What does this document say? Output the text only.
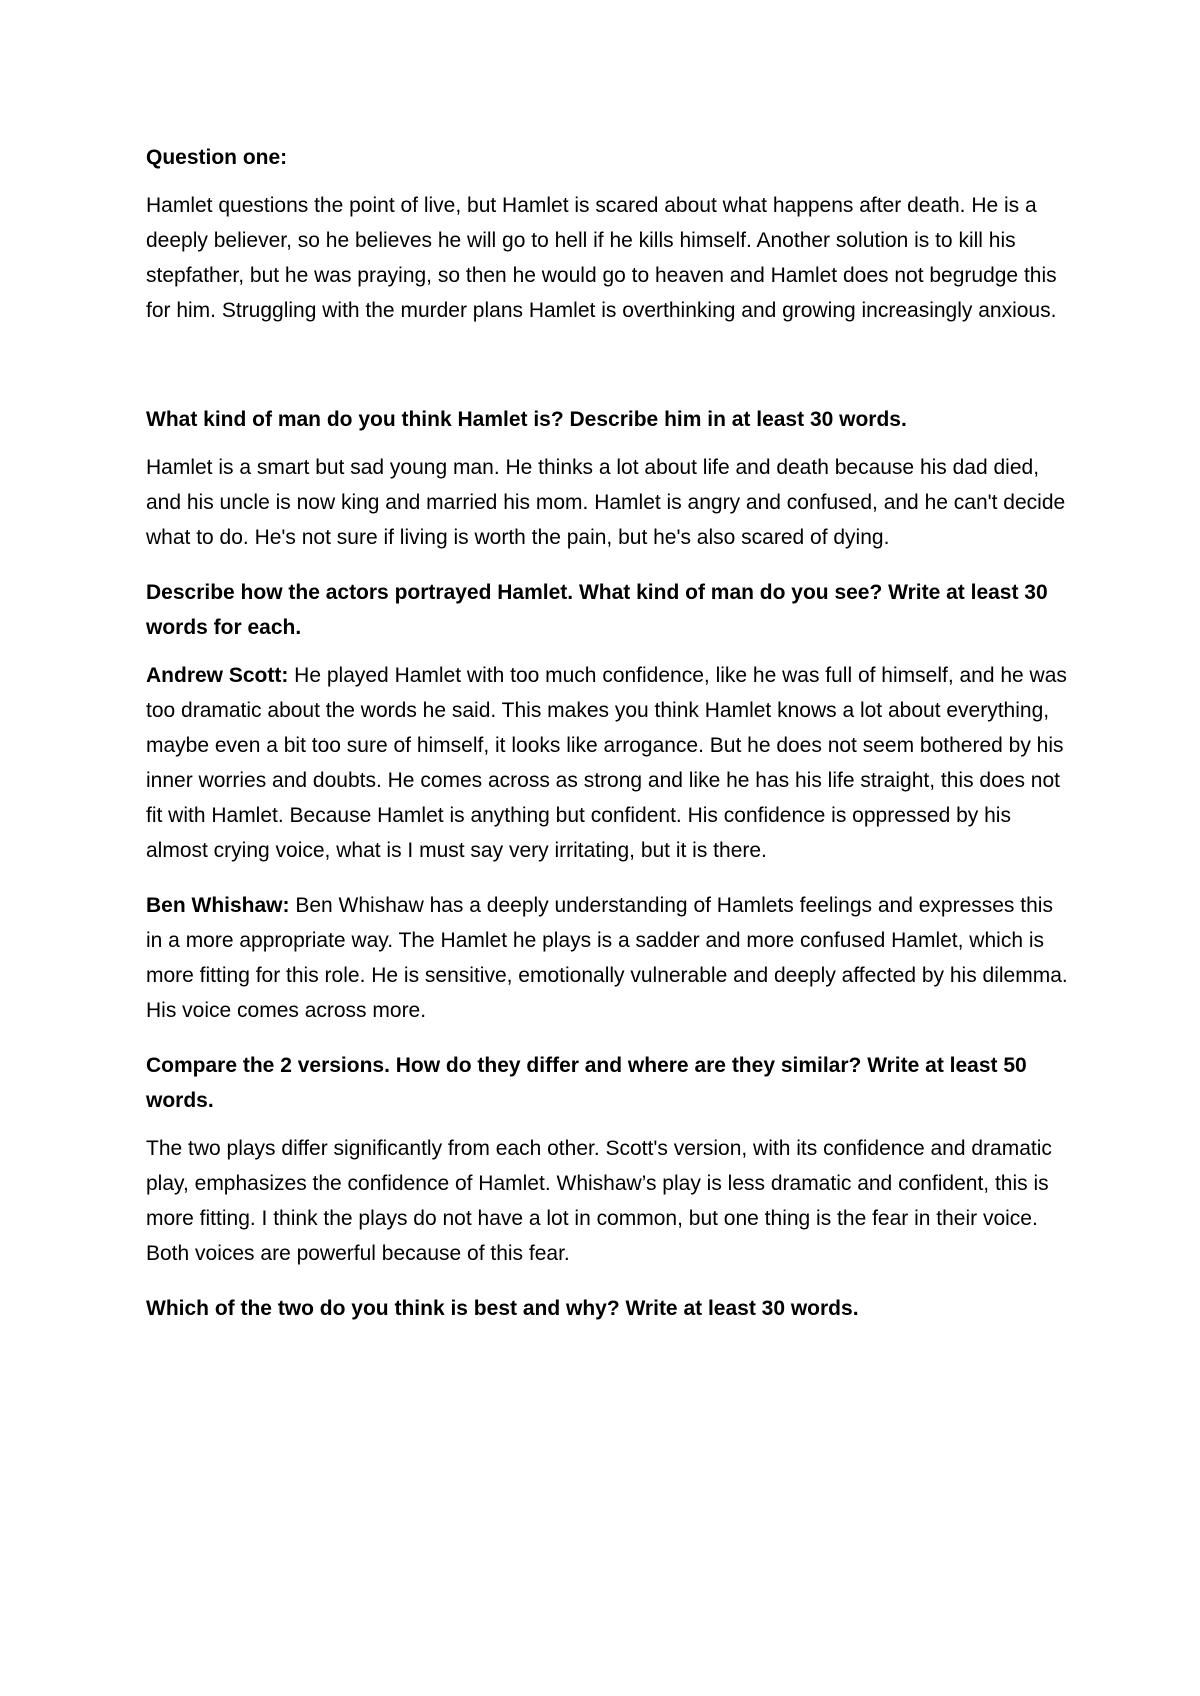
Question one:

Hamlet questions the point of live, but Hamlet is scared about what happens after death. He is a deeply believer, so he believes he will go to hell if he kills himself. Another solution is to kill his stepfather, but he was praying, so then he would go to heaven and Hamlet does not begrudge this for him. Struggling with the murder plans Hamlet is overthinking and growing increasingly anxious.

What kind of man do you think Hamlet is? Describe him in at least 30 words.

Hamlet is a smart but sad young man. He thinks a lot about life and death because his dad died, and his uncle is now king and married his mom. Hamlet is angry and confused, and he can't decide what to do. He's not sure if living is worth the pain, but he's also scared of dying.

Describe how the actors portrayed Hamlet. What kind of man do you see? Write at least 30 words for each.

Andrew Scott: He played Hamlet with too much confidence, like he was full of himself, and he was too dramatic about the words he said. This makes you think Hamlet knows a lot about everything, maybe even a bit too sure of himself, it looks like arrogance. But he does not seem bothered by his inner worries and doubts. He comes across as strong and like he has his life straight, this does not fit with Hamlet. Because Hamlet is anything but confident. His confidence is oppressed by his almost crying voice, what is I must say very irritating, but it is there.

Ben Whishaw: Ben Whishaw has a deeply understanding of Hamlets feelings and expresses this in a more appropriate way. The Hamlet he plays is a sadder and more confused Hamlet, which is more fitting for this role. He is sensitive, emotionally vulnerable and deeply affected by his dilemma. His voice comes across more.

Compare the 2 versions. How do they differ and where are they similar? Write at least 50 words.

The two plays differ significantly from each other. Scott's version, with its confidence and dramatic play, emphasizes the confidence of Hamlet. Whishaw’s play is less dramatic and confident, this is more fitting. I think the plays do not have a lot in common, but one thing is the fear in their voice. Both voices are powerful because of this fear.

Which of the two do you think is best and why? Write at least 30 words.
